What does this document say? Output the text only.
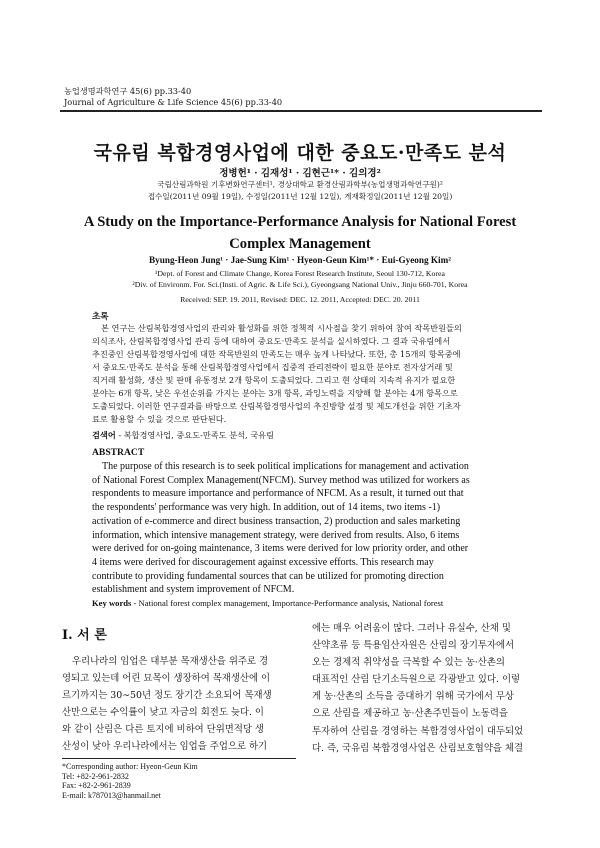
농업생명과학연구 45(6) pp.33-40
Journal of Agriculture & Life Science 45(6) pp.33-40
국유림 복합경영사업에 대한 중요도·만족도 분석
정병헌¹ · 김재성¹ · 김현근¹* · 김의경²
국립산림과학원 기후변화연구센터¹, 경상대학교 환경산림과학부(농업생명과학연구원)²
접수일(2011년 09월 19일), 수정일(2011년 12월 12일), 게재확정일(2011년 12월 20일)
A Study on the Importance-Performance Analysis for National Forest
Complex Management
Byung-Heon Jung¹ · Jae-Sung Kim¹ · Hyeon-Geun Kim¹* · Eui-Gyeong Kim²
¹Dept. of Forest and Climate Change, Korea Forest Research Institute, Seoul 130-712, Korea
²Div. of Environm. For. Sci.(Insti. of Agric. & Life Sci.), Gyeongsang National Univ., Jinju 660-701, Korea
Received: SEP. 19. 2011, Revised: DEC. 12. 2011, Accepted: DEC. 20. 2011
초록
본 연구는 산림복합경영사업의 관리와 활성화를 위한 정책적 시사점을 찾기 위하여 참여 작목반원들의
의식조사, 산림복합경영사업 관리 등에 대하여 중요도·만족도 분석을 실시하였다. 그 결과 국유림에서
추진중인 산림복합경영사업에 대한 작목반원의 만족도는 매우 높게 나타났다. 또한, 총 15개의 항목중에
서 중요도·만족도 분석을 통해 산림복합경영사업에서 집중적 관리전략이 필요한 분야로 전자상거래 및
직거래 활성화, 생산 및 판매 유통정보 2개 항목이 도출되었다. 그리고 현 상태의 지속적 유지가 필요한
분야는 6개 항목, 낮은 우선순위를 가지는 분야는 3개 항목, 과잉노력을 지양해 할 분야는 4개 항목으로
도출되었다. 이러한 연구결과를 바탕으로 산림복합경영사업의 추진방향 설정 및 제도개선을 위한 기초자
료로 활용할 수 있을 것으로 판단된다.
검색어 - 복합경영사업, 중요도-만족도 분석, 국유림
ABSTRACT
The purpose of this research is to seek political implications for management and activation
of National Forest Complex Management(NFCM). Survey method was utilized for workers as
respondents to measure importance and performance of NFCM. As a result, it turned out that
the respondents' performance was very high. In addition, out of 14 items, two items -1)
activation of e-commerce and direct business transaction, 2) production and sales marketing
information, which intensive management strategy, were derived from results. Also, 6 items
were derived for on-going maintenance, 3 items were derived for low priority order, and other
4 items were derived for discouragement against excessive efforts. This research may
contribute to providing fundamental sources that can be utilized for promoting direction
establishment and system improvement of NFCM.
Key words - National forest complex management, Importance-Performance analysis, National forest
Ⅰ. 서 론
우리나라의 임업은 대부분 목재생산을 위주로 경
영되고 있는데 어린 묘목이 생장하여 목재생산에 이
르기까지는 30∼50년 정도 장기간 소요되어 목재생
산만으로는 수익률이 낮고 자금의 회전도 늦다. 이
와 같이 산림은 다른 토지에 비하여 단위면적당 생
산성이 낮아 우리나라에서는 임업을 주업으로 하기
에는 매우 어려움이 많다. 그러나 유실수, 산채 및
산약초류 등 특용임산자원은 산림의 장기투자에서
오는 경제적 취약성을 극복할 수 있는 농·산촌의
대표적인 산림 단기소득원으로 각광받고 있다. 이렇
게 농·산촌의 소득을 증대하기 위해 국가에서 무상
으로 산림을 제공하고 농·산촌주민들이 노동력을
투자하여 산림을 경영하는 복합경영사업이 대두되었
다. 즉, 국유림 복합경영사업은 산림보호협약을 체결
*Corresponding author: Hyeon-Geun Kim
Tel: +82-2-961-2832
Fax: +82-2-961-2839
E-mail: k787013@hanmail.net
